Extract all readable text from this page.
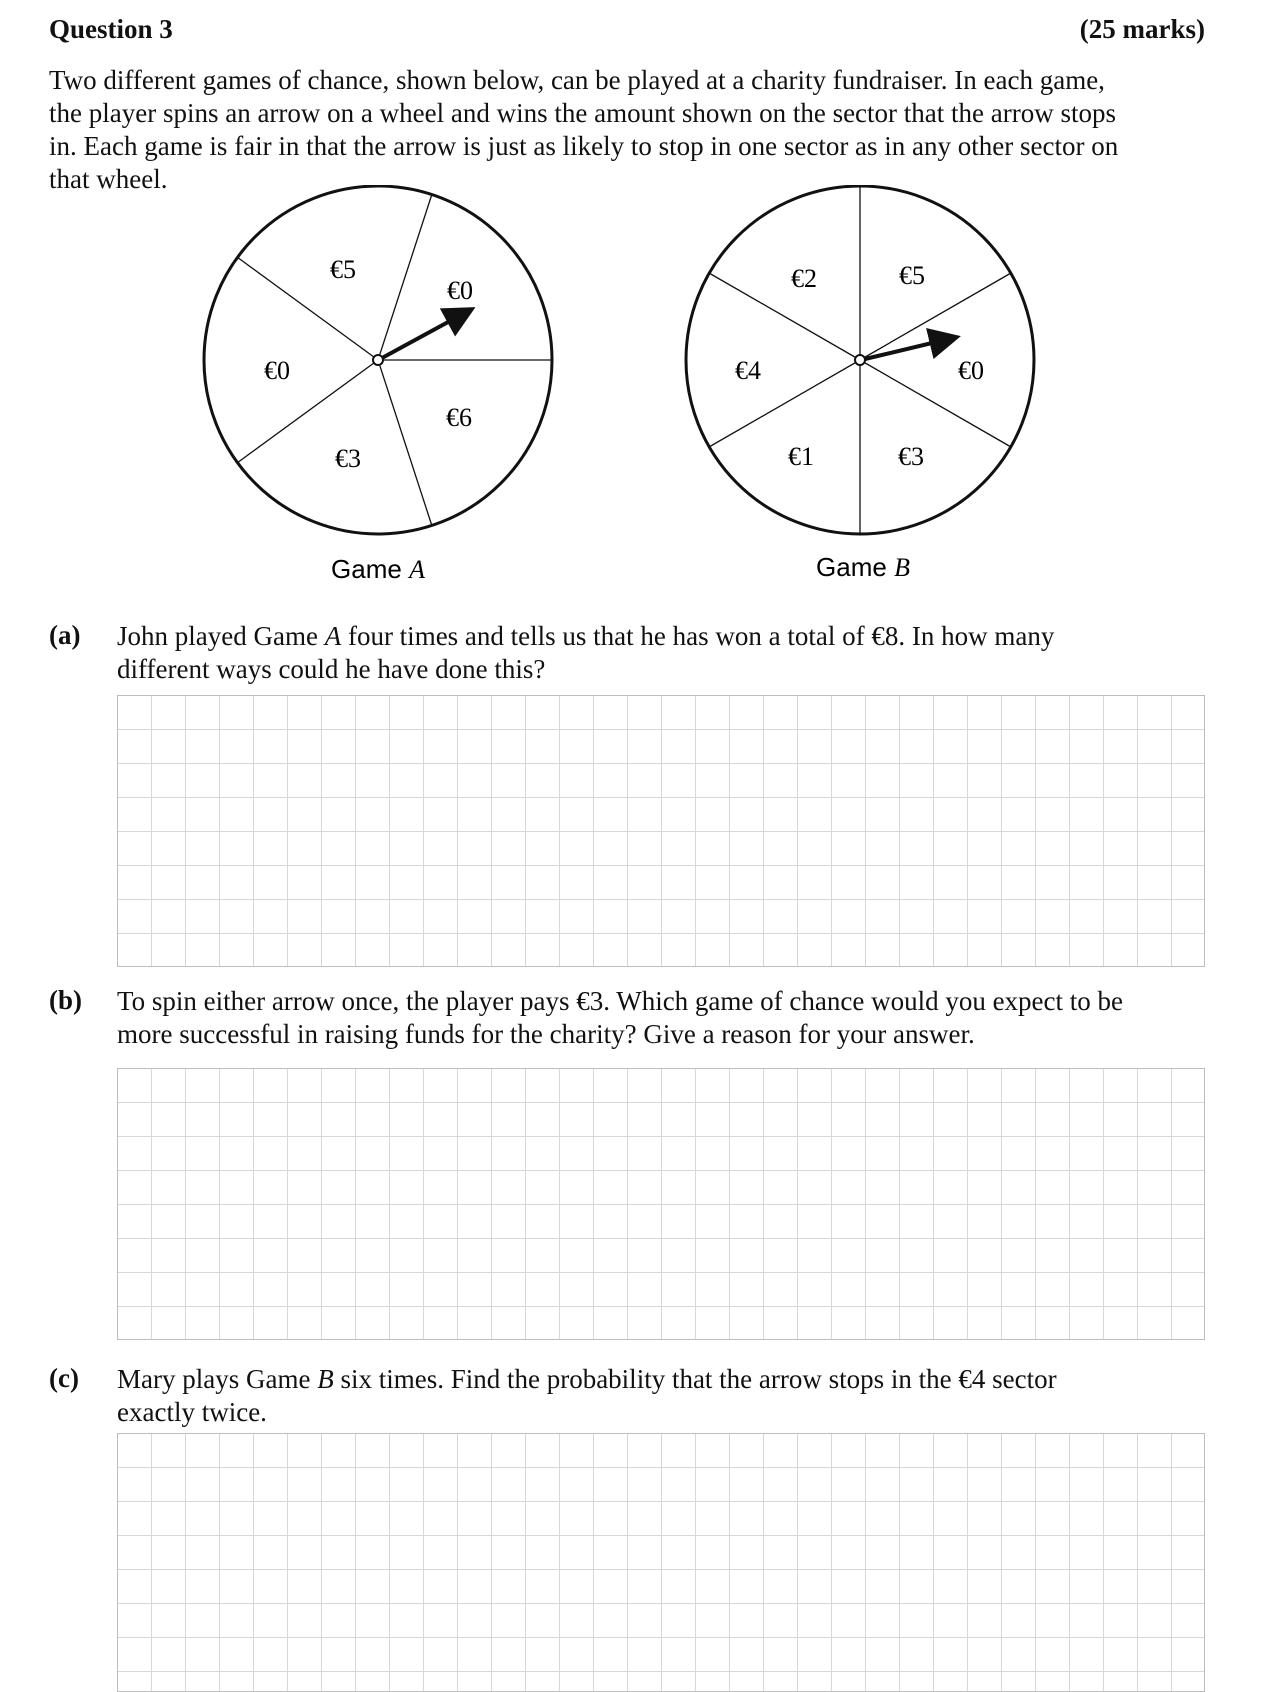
Question 3	(25 marks)
Two different games of chance, shown below, can be played at a charity fundraiser. In each game,
the player spins an arrow on a wheel and wins the amount shown on the sector that the arrow stops
in. Each game is fair in that the arrow is just as likely to stop in one sector as in any other sector on
that wheel.
€5
€0
€6
€3
€0
Game A
€2	€5
€0
€3
€1
€4
Game B
(a) John played Game A four times and tells us that he has won a total of €8. In how many
different ways could he have done this?
(b) To spin either arrow once, the player pays €3. Which game of chance would you expect to be
more successful in raising funds for the charity? Give a reason for your answer.
(c) Mary plays Game B six times. Find the probability that the arrow stops in the €4 sector
exactly twice.
